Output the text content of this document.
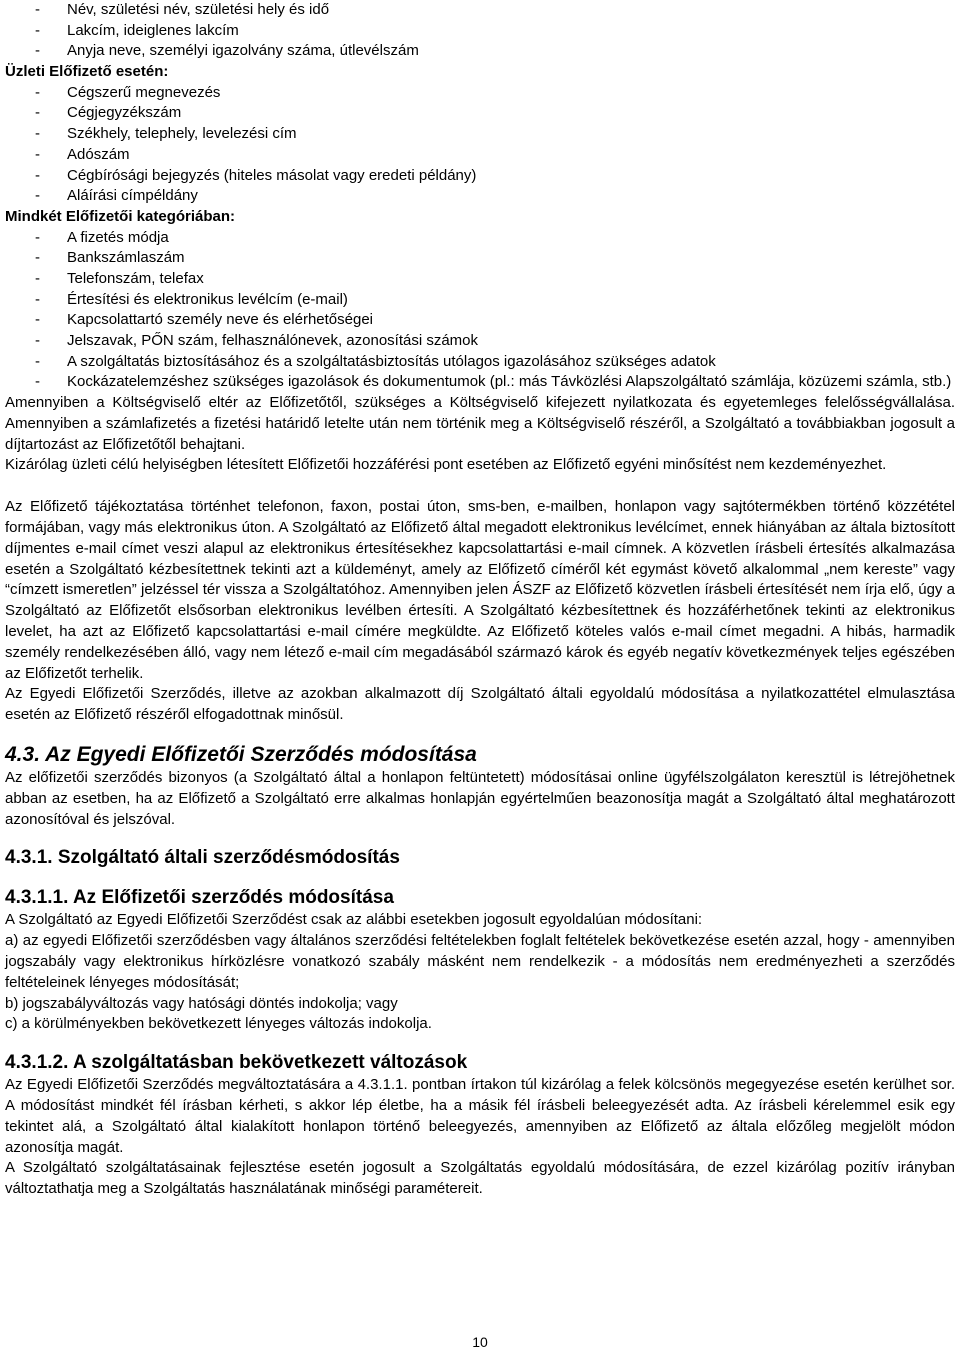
- Név, születési név, születési hely és idő
- Lakcím, ideiglenes lakcím
- Anyja neve, személyi igazolvány száma, útlevélszám
Üzleti Előfizető esetén:
- Cégszerű megnevezés
- Cégjegyzékszám
- Székhely, telephely, levelezési cím
- Adószám
- Cégbírósági bejegyzés (hiteles másolat vagy eredeti példány)
- Aláírási címpéldány
Mindkét Előfizetői kategóriában:
- A fizetés módja
- Bankszámlaszám
- Telefonszám, telefax
- Értesítési és elektronikus levélcím (e-mail)
- Kapcsolattartó személy neve és elérhetőségei
- Jelszavak, PŐN szám, felhasználónevek, azonosítási számok
- A szolgáltatás biztosításához és a szolgáltatásbiztosítás utólagos igazolásához szükséges adatok
- Kockázatelemzéshez szükséges igazolások és dokumentumok (pl.: más Távközlési Alapszolgáltató számlája, közüzemi számla, stb.)

Amennyiben a Költségviselő eltér az Előfizetőtől, szükséges a Költségviselő kifejezett nyilatkozata és egyetemleges felelősségvállalása. Amennyiben a számlafizetés a fizetési határidő letelte után nem történik meg a Költségviselő részéről, a Szolgáltató a továbbiakban jogosult a díjtartozást az Előfizetőtől behajtani.

Kizárólag üzleti célú helyiségben létesített Előfizetői hozzáférési pont esetében az Előfizető egyéni minősítést nem kezdeményezhet.

Az Előfizető tájékoztatása történhet telefonon, faxon, postai úton, sms-ben, e-mailben, honlapon vagy sajtótermékben történő közzététel formájában, vagy más elektronikus úton. A Szolgáltató az Előfizető által megadott elektronikus levélcímet, ennek hiányában az általa biztosított díjmentes e-mail címet veszi alapul az elektronikus értesítésekhez kapcsolattartási e-mail címnek. A közvetlen írásbeli értesítés alkalmazása esetén a Szolgáltató kézbesítettnek tekinti azt a küldeményt, amely az Előfizető címéről két egymást követő alkalommal „nem kereste” vagy “címzett ismeretlen” jelzéssel tér vissza a Szolgáltatóhoz. Amennyiben jelen ÁSZF az Előfizető közvetlen írásbeli értesítését nem írja elő, úgy a Szolgáltató az Előfizetőt elsősorban elektronikus levélben értesíti. A Szolgáltató kézbesítettnek és hozzáférhetőnek tekinti az elektronikus levelet, ha azt az Előfizető kapcsolattartási e-mail címére megküldte. Az Előfizető köteles valós e-mail címet megadni. A hibás, harmadik személy rendelkezésében álló, vagy nem létező e-mail cím megadásából származó károk és egyéb negatív következmények teljes egészében az Előfizetőt terhelik.

Az Egyedi Előfizetői Szerződés, illetve az azokban alkalmazott díj Szolgáltató általi egyoldalú módosítása a nyilatkozattétel elmulasztása esetén az Előfizető részéről elfogadottnak minősül.

4.3. Az Egyedi Előfizetői Szerződés módosítása

Az előfizetői szerződés bizonyos (a Szolgáltató által a honlapon feltüntetett) módosításai online ügyfélszolgálaton keresztül is létrejöhetnek abban az esetben, ha az Előfizető a Szolgáltató erre alkalmas honlapján egyértelműen beazonosítja magát a Szolgáltató által meghatározott azonosítóval és jelszóval.

4.3.1. Szolgáltató általi szerződésmódosítás
4.3.1.1. Az Előfizetői szerződés módosítása

A Szolgáltató az Egyedi Előfizetői Szerződést csak az alábbi esetekben jogosult egyoldalúan módosítani:

a) az egyedi Előfizetői szerződésben vagy általános szerződési feltételekben foglalt feltételek bekövetkezése esetén azzal, hogy - amennyiben jogszabály vagy elektronikus hírközlésre vonatkozó szabály másként nem rendelkezik - a módosítás nem eredményezheti a szerződés feltételeinek lényeges módosítását;

b) jogszabályváltozás vagy hatósági döntés indokolja; vagy

c) a körülményekben bekövetkezett lényeges változás indokolja.

4.3.1.2. A szolgáltatásban bekövetkezett változások

Az Egyedi Előfizetői Szerződés megváltoztatására a 4.3.1.1. pontban írtakon túl kizárólag a felek kölcsönös megegyezése esetén kerülhet sor. A módosítást mindkét fél írásban kérheti, s akkor lép életbe, ha a másik fél írásbeli beleegyezését adta. Az írásbeli kérelemmel esik egy tekintet alá, a Szolgáltató által kialakított honlapon történő beleegyezés, amennyiben az Előfizető az általa előzőleg megjelölt módon azonosítja magát.

A Szolgáltató szolgáltatásainak fejlesztése esetén jogosult a Szolgáltatás egyoldalú módosítására, de ezzel kizárólag pozitív irányban változtathatja meg a Szolgáltatás használatának minőségi paramétereit.

10
